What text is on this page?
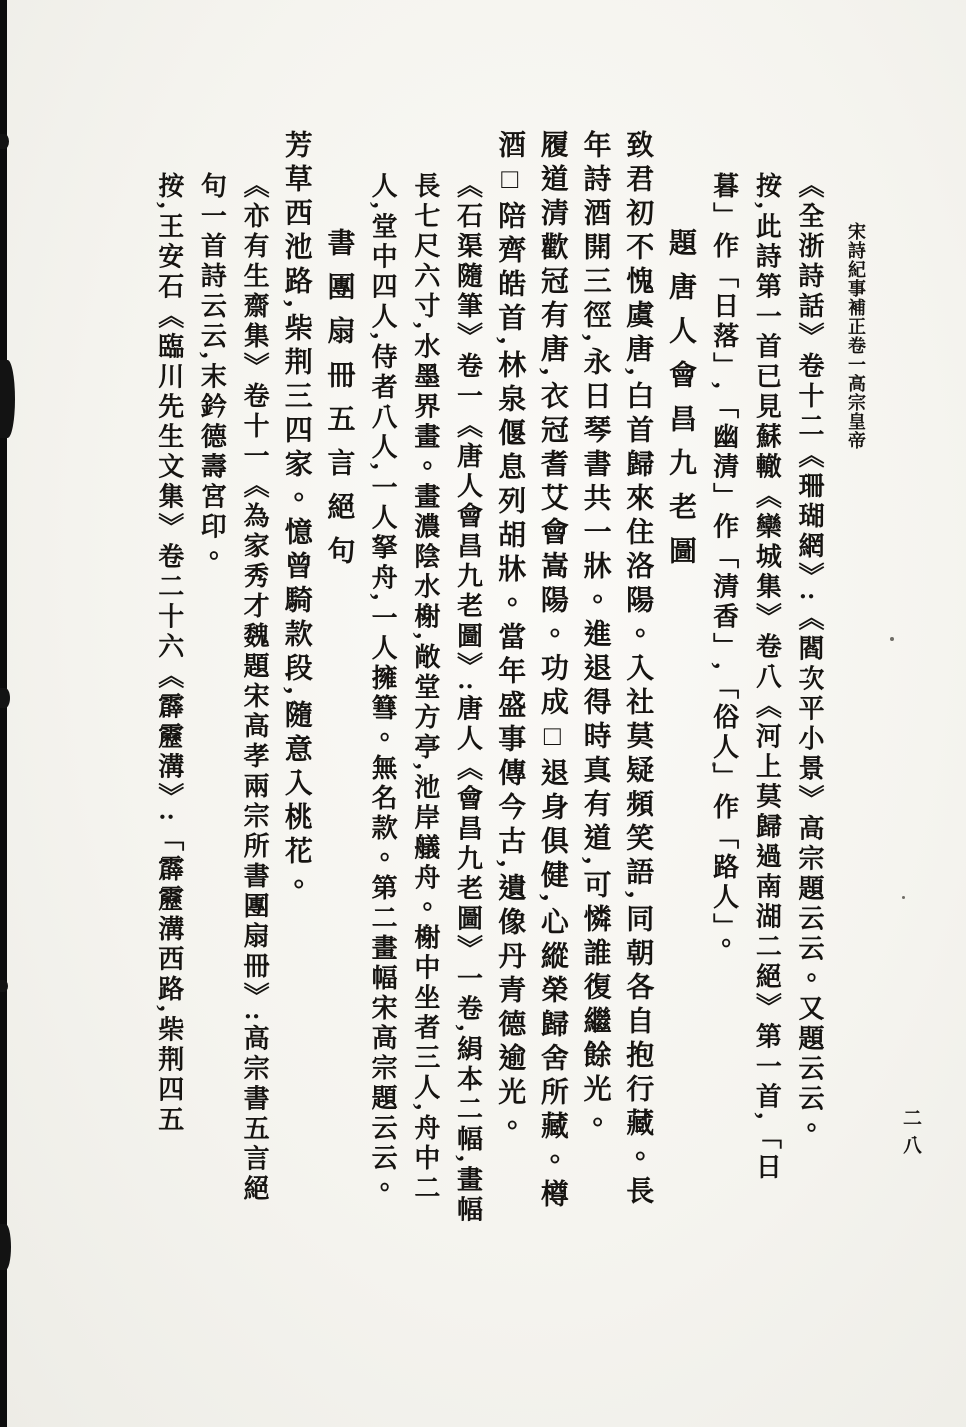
宋詩紀事補正卷一高宗皇帝
二八
《全浙詩話》卷十二《珊瑚網》:《閻次平小景》高宗題云云。又題云云。
按,此詩第一首已見蘇轍《欒城集》卷八《河上莫歸過南湖二絕》第一首,「日
暮」作「日落」,「幽清」作「清香」,「俗人」作「路人」。
題唐人會昌九老圖
致君初不愧虞唐,白首歸來住洛陽。入社莫疑頻笑語,同朝各自抱行藏。長
年詩酒開三徑,永日琴書共一牀。進退得時真有道,可憐誰復繼餘光。
履道清歡冠有唐,衣冠耆艾會嵩陽。功成□退身俱健,心縱榮歸舍所藏。樽
酒□陪齊皓首,林泉偃息列胡牀。當年盛事傳今古,遺像丹青德逾光。
《石渠隨筆》卷一《唐人會昌九老圖》:唐人《會昌九老圖》一卷,絹本二幅,畫幅
長七尺六寸,水墨界畫。畫濃陰水榭,敞堂方亭,池岸艤舟。榭中坐者三人,舟中二
人,堂中四人,侍者八人,一人拏舟,一人擁篲。無名款。第二畫幅宋高宗題云云。
書團扇冊五言絕句
芳草西池路,柴荆三四家。憶曾騎款段,隨意入桃花。
《亦有生齋集》卷十一《為家秀才魏題宋高孝兩宗所書團扇冊》:高宗書五言絕
句一首詩云云,末鈐德壽宮印。
按,王安石《臨川先生文集》卷二十六《霹靂溝》:「霹靂溝西路,柴荆四五
